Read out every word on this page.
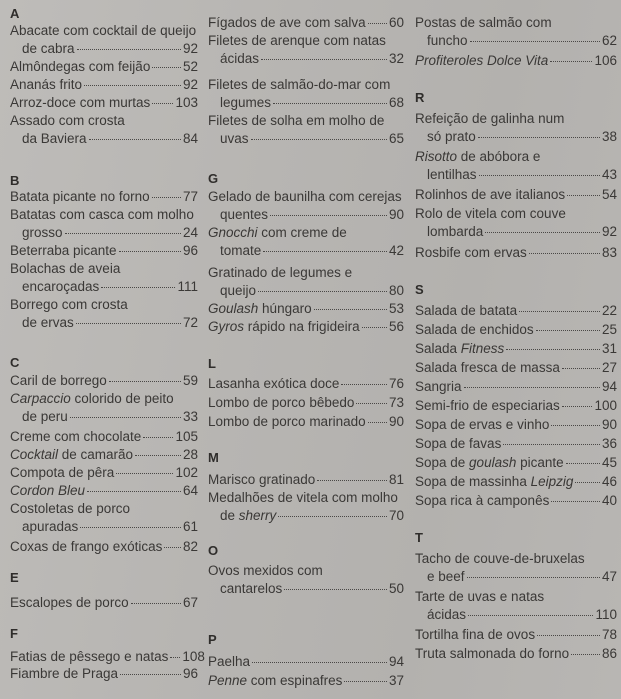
A
Abacate com cocktail de queijo
de cabra	92
Almôndegas com feijão 52
Ananás frito	92
Arroz-doce com murtas 103
Assado com crosta
da Baviera	84
B
Batata picante no forno 77
Batatas com casca com molho
grosso	24
Beterraba picante	96
Bolachas de aveia
encaroçadas	111
Borrego com crosta
de ervas	72
C
Caril de borrego	59
Carpaccio colorido de peito
de peru	33
Creme com chocolate	105
Cocktail de camarão	28
Compota de pêra	102
Cordon Bleu	64
Costoletas de porco
apuradas	61
Coxas de frango exóticas 82
E
Escalopes de porco	67
F
Fatias de pêssego e natas 108
Fiambre de Praga	96
Fígados de ave com salva 60
Filetes de arenque com natas
ácidas	32
Filetes de salmão-do-mar com
legumes	68
Filetes de solha em molho de
uvas	65
G
Gelado de baunilha com cerejas
quentes	90
Gnocchi com creme de
tomate	42
Gratinado de legumes e
queijo	80
Goulash húngaro	53
Gyros rápido na frigideira 56
L
Lasanha exótica doce	76
Lombo de porco bêbedo	73
Lombo de porco marinado 90
M
Marisco gratinado	81
Medalhões de vitela com molho
de sherry	70
O
Ovos mexidos com
cantarelos	50
P
Paelha	94
Penne com espinafres	37
Postas de salmão com
funcho	62
Profiteroles Dolce Vita	106
R
Refeição de galinha num
só prato	38
Risotto de abóbora e
lentilhas	43
Rolinhos de ave italianos	54
Rolo de vitela com couve
lombarda	92
Rosbife com ervas	83
S
Salada de batata	22
Salada de enchidos	25
Salada Fitness	31
Salada fresca de massa	27
Sangria	94
Semi-frio de especiarias	100
Sopa de ervas e vinho	90
Sopa de favas	36
Sopa de goulash picante	45
Sopa de massinha Leipzig 46
Sopa rica à camponês	40
T
Tacho de couve-de-bruxelas
e beef	47
Tarte de uvas e natas
ácidas	110
Tortilha fina de ovos	78
Truta salmonada do forno 86
